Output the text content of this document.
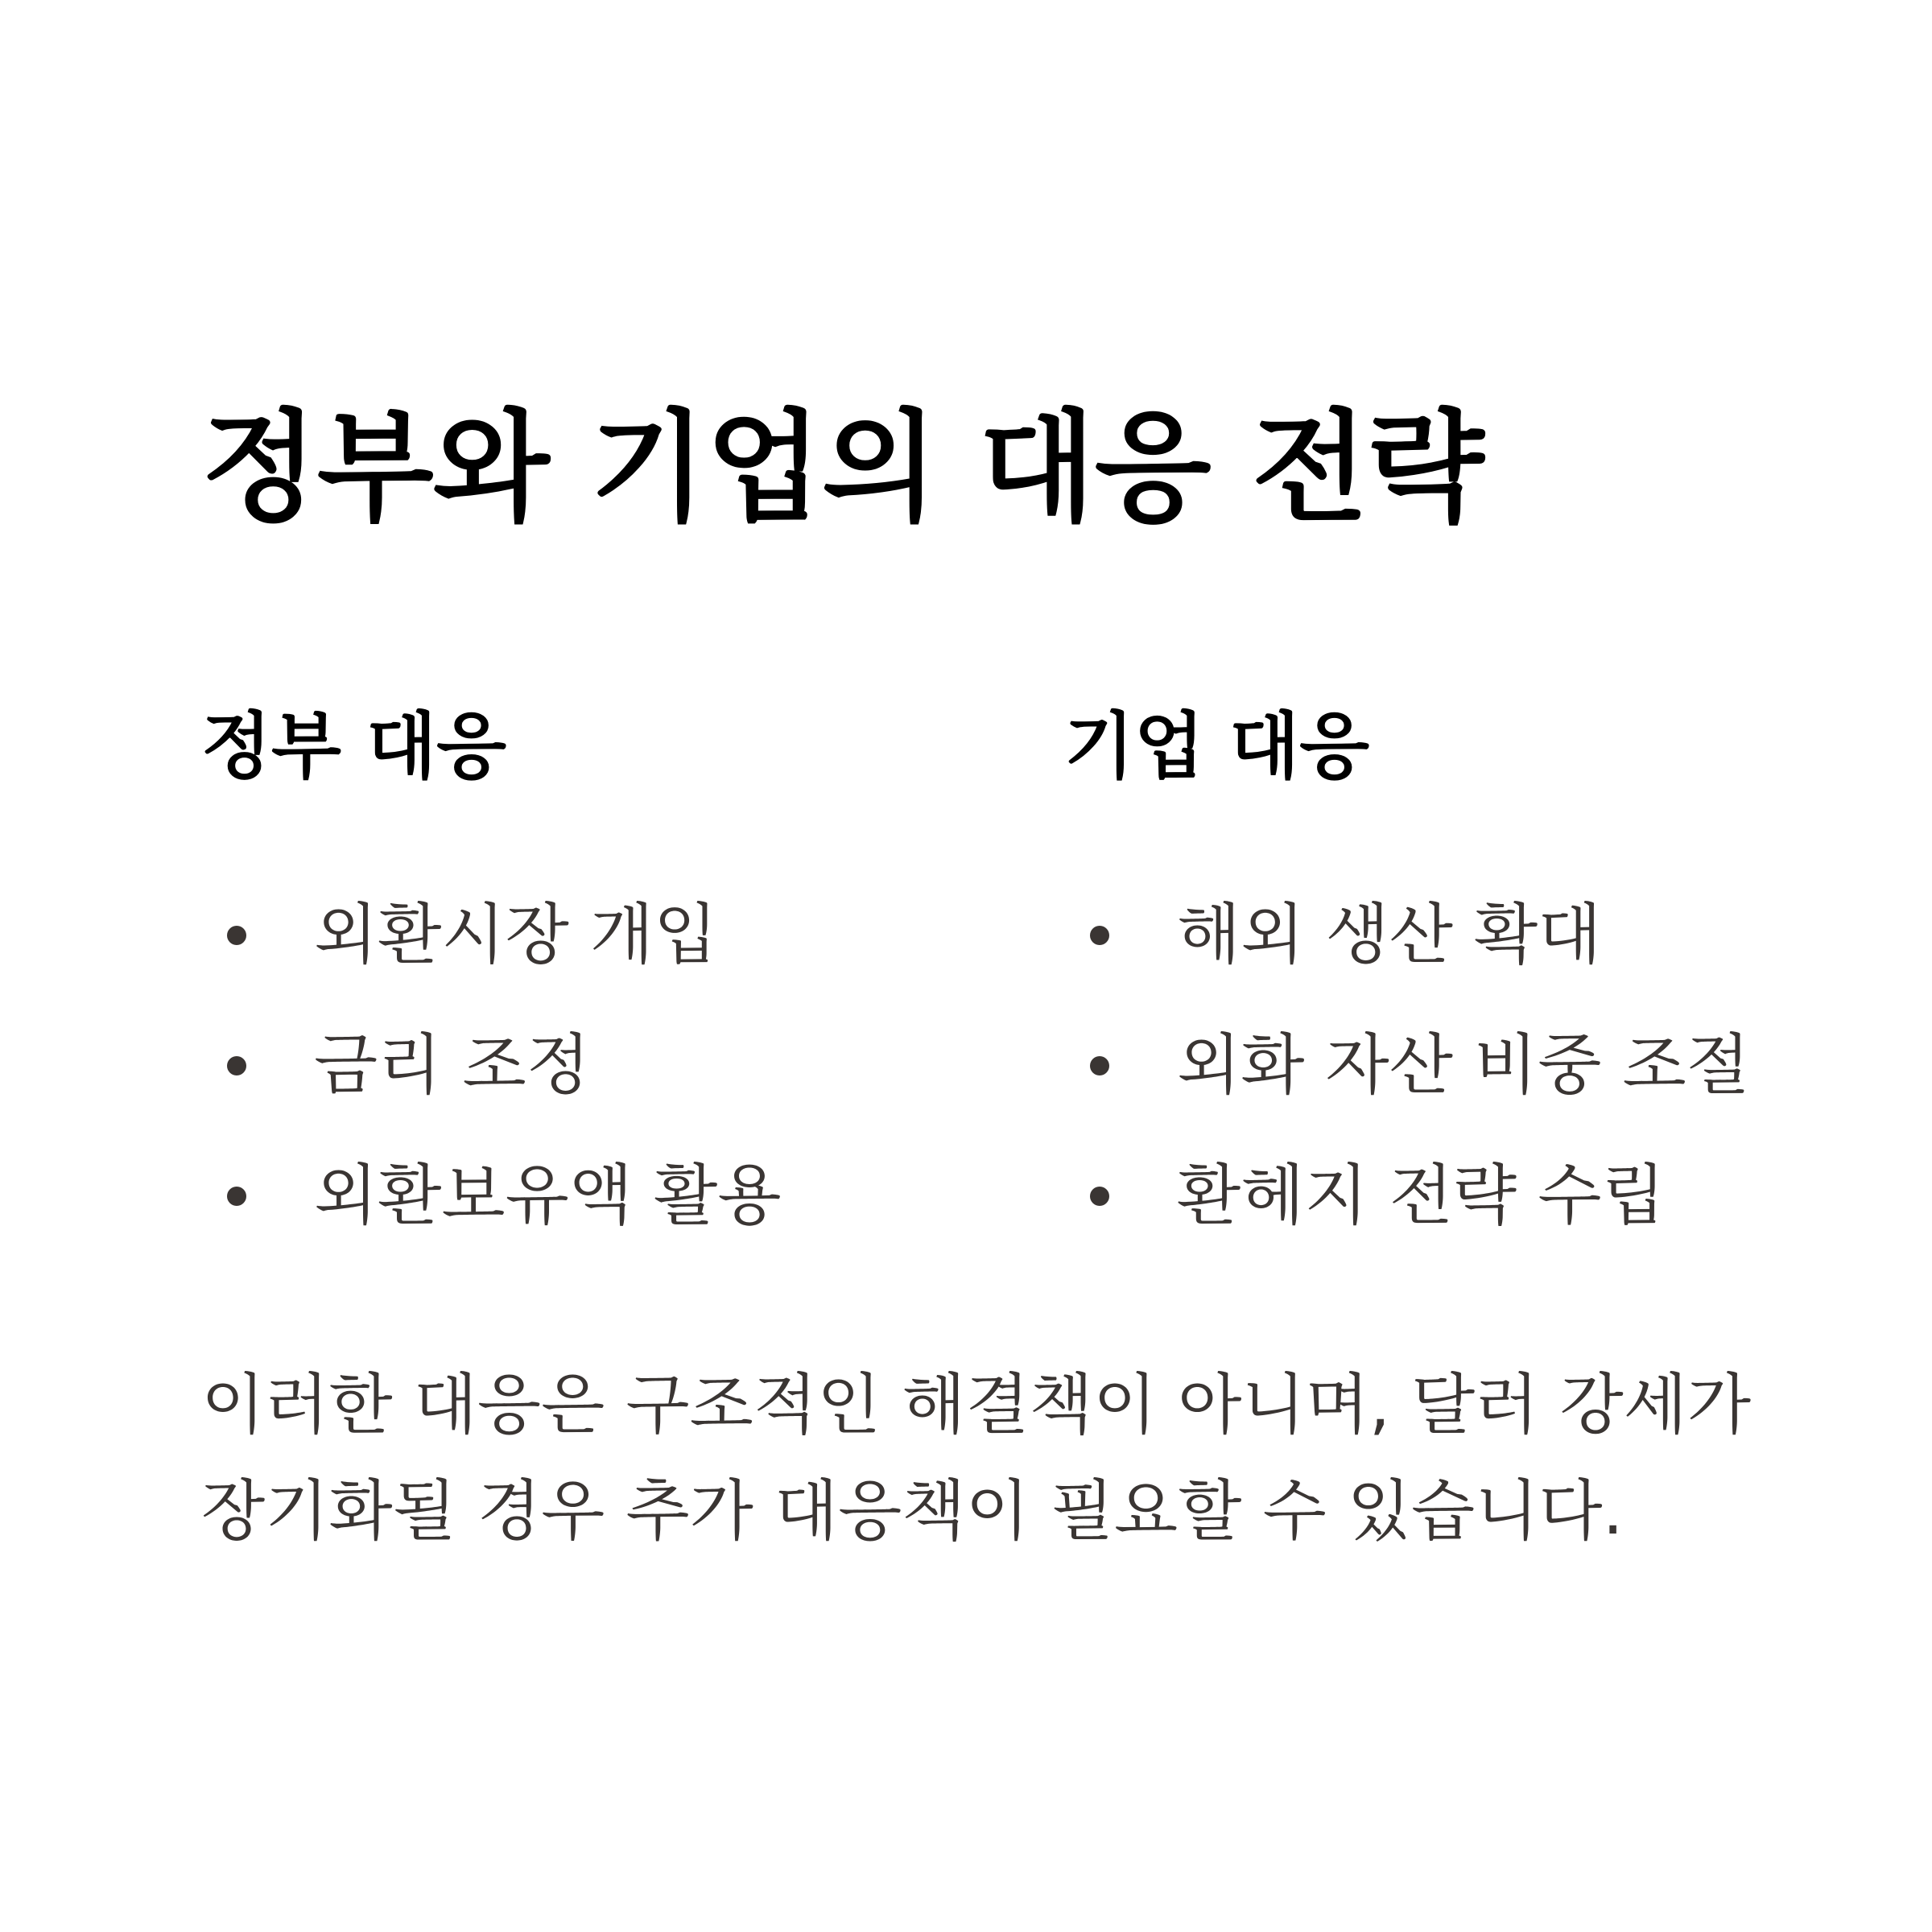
정부와 기업의 대응 전략
정부 대응
외환시장 개입
금리 조정
외환보유액 활용
기업 대응
해외 생산 확대
외화 자산 비중 조절
환헤지 전략 수립

이러한 대응은 구조적인 해결책이 아니며, 달러 강세가
장기화될 경우 추가 대응책이 필요할 수 있습니다.
